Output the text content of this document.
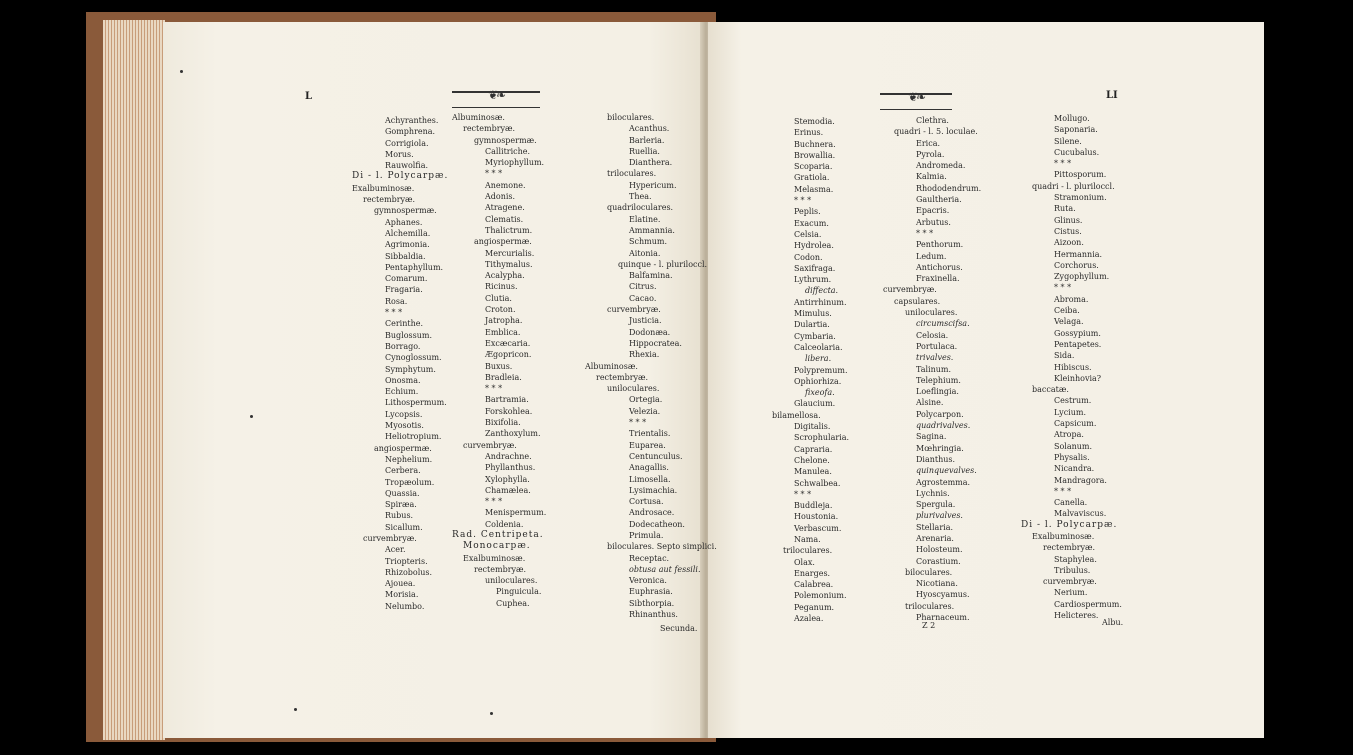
L	❦❧	LI
❦❧
Achyranthes.
Gomphrena.
Corrigiola.
Morus.
Rauwolfia.
Di - l. Polycarpæ.
Exalbuminosæ.
rectembryæ.
gymnospermæ.
Aphanes.
Alchemilla.
Agrimonia.
Sibbaldia.
Pentaphyllum.
Comarum.
Fragaria.
Rosa.
* * *
Cerinthe.
Buglossum.
Borrago.
Cynoglossum.
Symphytum.
Onosma.
Echium.
Lithospermum.
Lycopsis.
Myosotis.
Heliotropium.
angiospermæ.
Nephelium.
Cerbera.
Tropæolum.
Quassia.
Spiræa.
Rubus.
Sicallum.
curvembryæ.
Acer.
Triopteris.
Rhizobolus.
Ajouea.
Morisia.
Nelumbo.
Albuminosæ.
rectembryæ.
gymnospermæ.
Callitriche.
Myriophyllum.
* * *
Anemone.
Adonis.
Atragene.
Clematis.
Thalictrum.
angiospermæ.
Mercurialis.
Tithymalus.
Acalypha.
Ricinus.
Clutia.
Croton.
Jatropha.
Emblica.
Excæcaria.
Ægopricon.
Buxus.
Bradleia.
* * *
Bartramia.
Forskohlea.
Bixifolia.
Zanthoxylum.
curvembryæ.
Andrachne.
Phyllanthus.
Xylophylla.
Chamælea.
* * *
Menispermum.
Coldenia.
Rad. Centripeta.
Monocarpæ.
Exalbuminosæ.
rectembryæ.
uniloculares.
Pinguicula.
Cuphea.
biloculares.
Acanthus.
Barleria.
Ruellia.
Dianthera.
triloculares.
Hypericum.
Thea.
quadriloculares.
Elatine.
Ammannia.
Schmum.
Aitonia.
quinque - l. pluriloccl.
Balfamina.
Citrus.
Cacao.
curvembryæ.
Justicia.
Dodonæa.
Hippocratea.
Rhexia.
Albuminosæ.
rectembryæ.
uniloculares.
Ortegia.
Velezia.
* * *
Trientalis.
Euparea.
Centunculus.
Anagallis.
Limosella.
Lysimachia.
Cortusa.
Androsace.
Dodecatheon.
Primula.
biloculares. Septo simplici.
Receptac.
obtusa aut fessili.
Veronica.
Euphrasia.
Sibthorpia.
Rhinanthus.
Stemodia.
Erinus.
Buchnera.
Browallia.
Scoparia.
Gratiola.
Melasma.
* * *
Peplis.
Exacum.
Celsia.
Hydrolea.
Codon.
Saxifraga.
Lythrum.
diffecta.
Antirrhinum.
Mimulus.
Dulartia.
Cymbaria.
Calceolaria.
libera.
Polypremum.
Ophiorhiza.
fixeofa.
Glaucium.
bilamellosa.
Digitalis.
Scrophularia.
Capraria.
Chelone.
Manulea.
Schwalbea.
* * *
Buddleja.
Houstonia.
Verbascum.
Nama.
triloculares.
Olax.
Enarges.
Calabrea.
Polemonium.
Peganum.
Azalea.
Clethra.
quadri - l. 5. loculae.
Erica.
Pyrola.
Andromeda.
Kalmia.
Rhododendrum.
Gaultheria.
Epacris.
Arbutus.
* * *
Penthorum.
Ledum.
Antichorus.
Fraxinella.
curvembryæ.
capsulares.
uniloculares.
circumscifsa.
Celosia.
Portulaca.
trivalves.
Talinum.
Telephium.
Loeflingia.
Alsine.
Polycarpon.
quadrivalves.
Sagina.
Mœhringia.
Dianthus.
quinquevalves.
Agrostemma.
Lychnis.
Spergula.
plurivalves.
Stellaria.
Arenaria.
Holosteum.
Corastium.
biloculares.
Nicotiana.
Hyoscyamus.
triloculares.
Pharnaceum.
Mollugo.
Saponaria.
Silene.
Cucubalus.
* * *
Pittosporum.
quadri - l. pluriloccl.
Stramonium.
Ruta.
Glinus.
Cistus.
Aizoon.
Hermannia.
Corchorus.
Zygophyllum.
* * *
Abroma.
Ceiba.
Velaga.
Gossypium.
Pentapetes.
Sida.
Hibiscus.
Kleinhovia?
baccatæ.
Cestrum.
Lycium.
Capsicum.
Atropa.
Solanum.
Physalis.
Nicandra.
Mandragora.
* * *
Canella.
Malvaviscus.
Di - l. Polycarpæ.
Exalbuminosæ.
rectembryæ.
Staphylea.
Tribulus.
curvembryæ.
Nerium.
Cardiospermum.
Helicteres.
Secunda.	Z 2	Albu.
